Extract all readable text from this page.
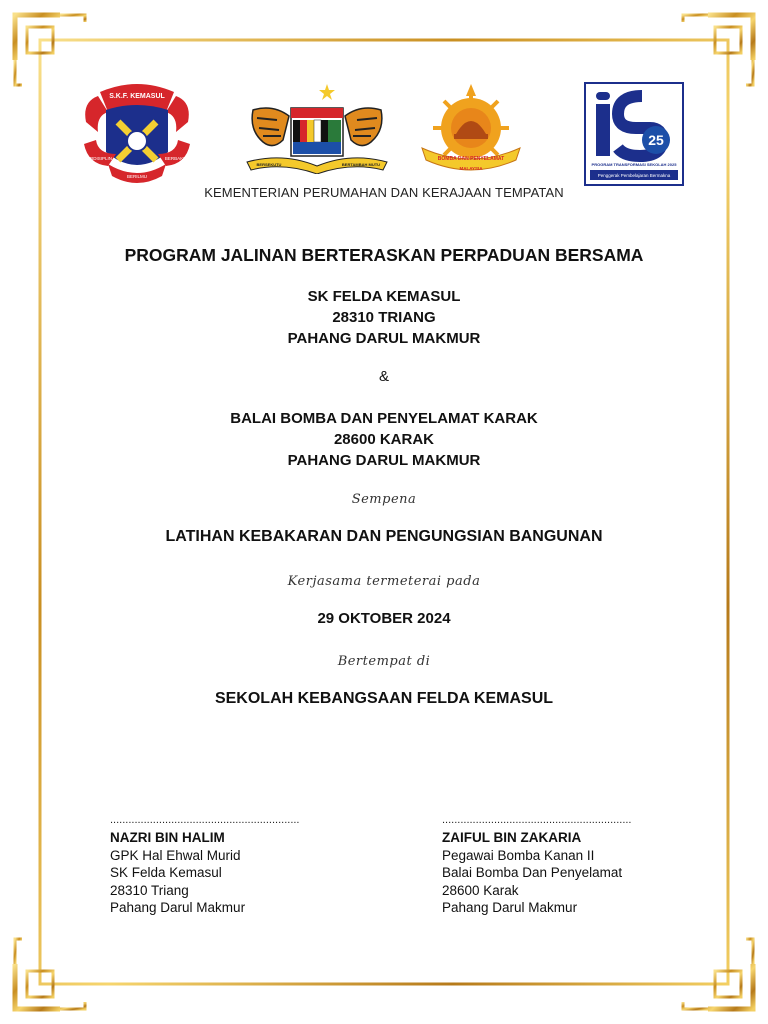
S.K.F. KEMASUL
BERDISIPLIN	BERBAKTI
BERILMU
BERSEKUTU	BERTAMBAH MUTU
BOMBA DAN PENYELAMAT
MALAYSIA
25
PROGRAM TRANSFORMASI SEKOLAH 2025
Penggerak Pembelajaran Bermakna
KEMENTERIAN PERUMAHAN DAN KERAJAAN TEMPATAN
PROGRAM JALINAN BERTERASKAN PERPADUAN BERSAMA
SK FELDA KEMASUL
28310 TRIANG
PAHANG DARUL MAKMUR
&
BALAI BOMBA DAN PENYELAMAT KARAK
28600 KARAK
PAHANG DARUL MAKMUR
Sempena
LATIHAN KEBAKARAN DAN PENGUNGSIAN BANGUNAN
Kerjasama termeterai pada
29 OKTOBER 2024
Bertempat di
SEKOLAH KEBANGSAAN FELDA KEMASUL
..............................................................
NAZRI BIN HALIM
GPK Hal Ehwal Murid
SK Felda Kemasul
28310 Triang
Pahang Darul Makmur
..............................................................
ZAIFUL BIN ZAKARIA
Pegawai Bomba Kanan II
Balai Bomba Dan Penyelamat
28600 Karak
Pahang Darul Makmur
